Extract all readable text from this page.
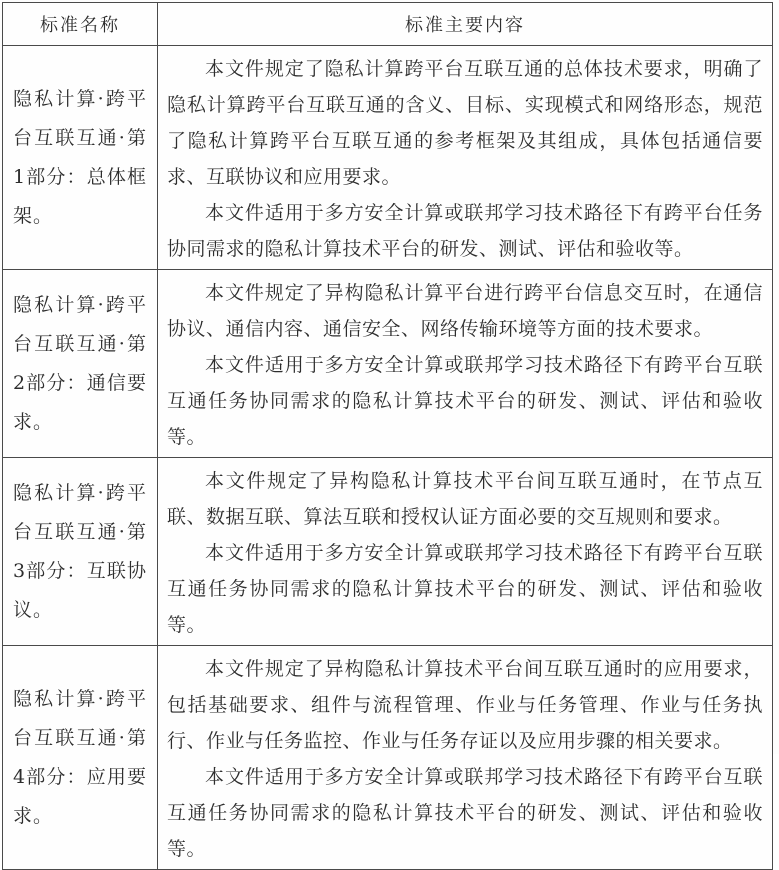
标准名称	标准主要内容
隐私计算·跨平台互联互通·第1部分：总体框架。	本文件规定了隐私计算跨平台互联互通的总体技术要求，明确了隐私计算跨平台互联互通的含义、目标、实现模式和网络形态，规范了隐私计算跨平台互联互通的参考框架及其组成，具体包括通信要求、互联协议和应用要求。

本文件适用于多方安全计算或联邦学习技术路径下有跨平台任务协同需求的隐私计算技术平台的研发、测试、评估和验收等。

隐私计算·跨平台互联互通·第2部分：通信要求。	本文件规定了异构隐私计算平台进行跨平台信息交互时，在通信协议、通信内容、通信安全、网络传输环境等方面的技术要求。

本文件适用于多方安全计算或联邦学习技术路径下有跨平台互联互通任务协同需求的隐私计算技术平台的研发、测试、评估和验收等。

隐私计算·跨平台互联互通·第3部分：互联协议。	本文件规定了异构隐私计算技术平台间互联互通时，在节点互联、数据互联、算法互联和授权认证方面必要的交互规则和要求。

本文件适用于多方安全计算或联邦学习技术路径下有跨平台互联互通任务协同需求的隐私计算技术平台的研发、测试、评估和验收等。

隐私计算·跨平台互联互通·第4部分：应用要求。	本文件规定了异构隐私计算技术平台间互联互通时的应用要求，包括基础要求、组件与流程管理、作业与任务管理、作业与任务执行、作业与任务监控、作业与任务存证以及应用步骤的相关要求。

本文件适用于多方安全计算或联邦学习技术路径下有跨平台互联互通任务协同需求的隐私计算技术平台的研发、测试、评估和验收等。
